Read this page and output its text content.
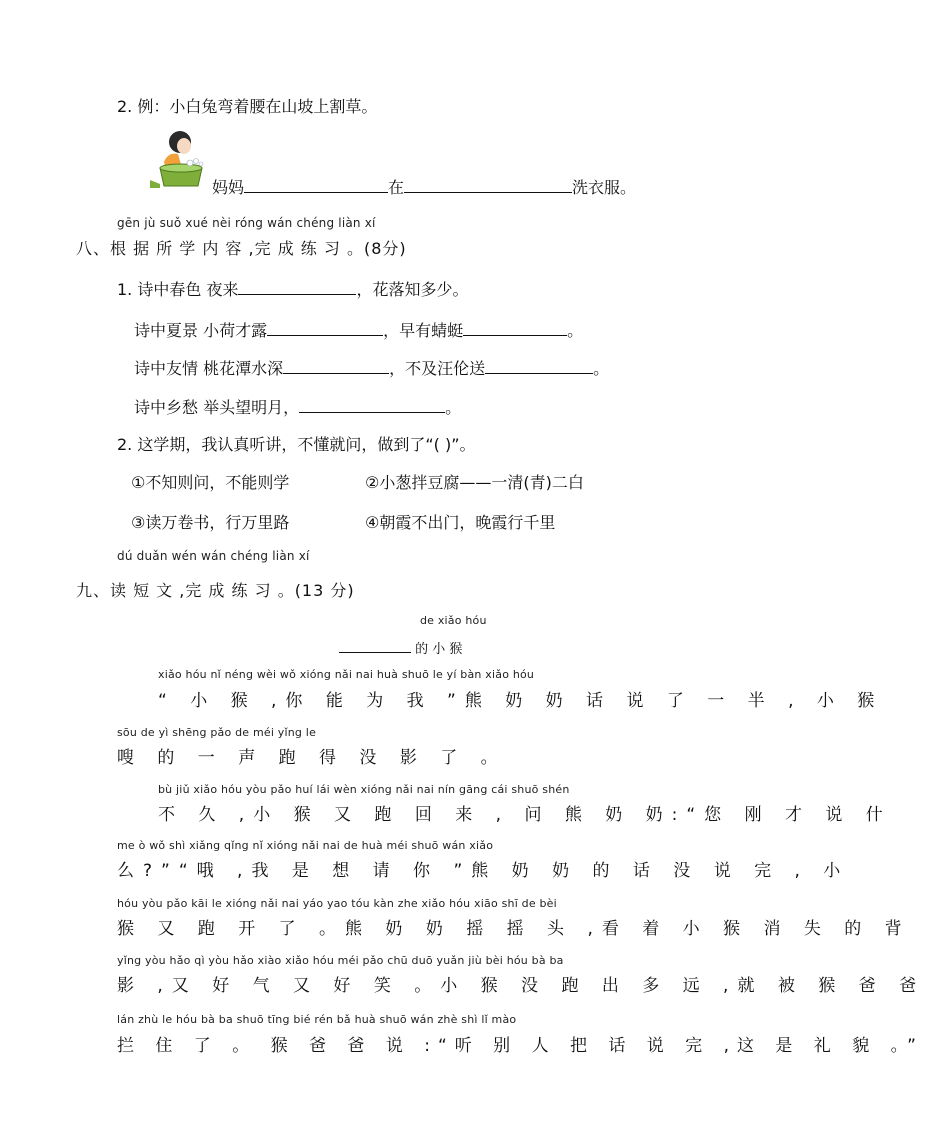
2. 例：小白兔弯着腰在山坡上割草。
妈妈	在	洗衣服。
gēn jù suǒ xué nèi róng wán chéng liàn xí
八、根 据 所 学 内 容 ,完 成 练 习 。(8分)
1. 诗中春色 夜来	，花落知多少。
诗中夏景 小荷才露	，早有蜻蜓	。
诗中友情 桃花潭水深	，不及汪伦送	。
诗中乡愁 举头望明月，	。
2. 这学期，我认真听讲，不懂就问，做到了“( )”。
①不知则问，不能则学	②小葱拌豆腐——一清(青)二白
③读万卷书，行万里路	④朝霞不出门，晚霞行千里
dú duǎn wén wán chéng liàn xí
九、读 短 文 ,完 成 练 习 。(13 分)
de xiǎo hóu
的 小 猴
xiǎo hóu nǐ néng wèi wǒ xióng nǎi nai huà shuō le yí bàn xiǎo hóu
“ 小 猴 ,你 能 为 我 ”熊 奶 奶 话 说 了 一 半 , 小 猴
sōu de yì shēng pǎo de méi yǐng le
嗖 的 一 声 跑 得 没 影 了 。
bù jiǔ xiǎo hóu yòu pǎo huí lái wèn xióng nǎi nai nín gāng cái shuō shén
不 久 ,小 猴 又 跑 回 来 , 问 熊 奶 奶:“您 刚 才 说 什
me ò wǒ shì xiǎng qǐng nǐ xióng nǎi nai de huà méi shuō wán xiǎo
么?”“哦 ,我 是 想 请 你 ”熊 奶 奶 的 话 没 说 完 , 小
hóu yòu pǎo kāi le xióng nǎi nai yáo yao tóu kàn zhe xiǎo hóu xiāo shī de bèi
猴 又 跑 开 了 。熊 奶 奶 摇 摇 头 ,看 着 小 猴 消 失 的 背
yǐng yòu hǎo qì yòu hǎo xiào xiǎo hóu méi pǎo chū duō yuǎn jiù bèi hóu bà ba
影 ,又 好 气 又 好 笑 。小 猴 没 跑 出 多 远 ,就 被 猴 爸 爸
lán zhù le hóu bà ba shuō tīng bié rén bǎ huà shuō wán zhè shì lǐ mào
拦 住 了 。 猴 爸 爸 说 :“听 别 人 把 话 说 完 ,这 是 礼 貌 。”
